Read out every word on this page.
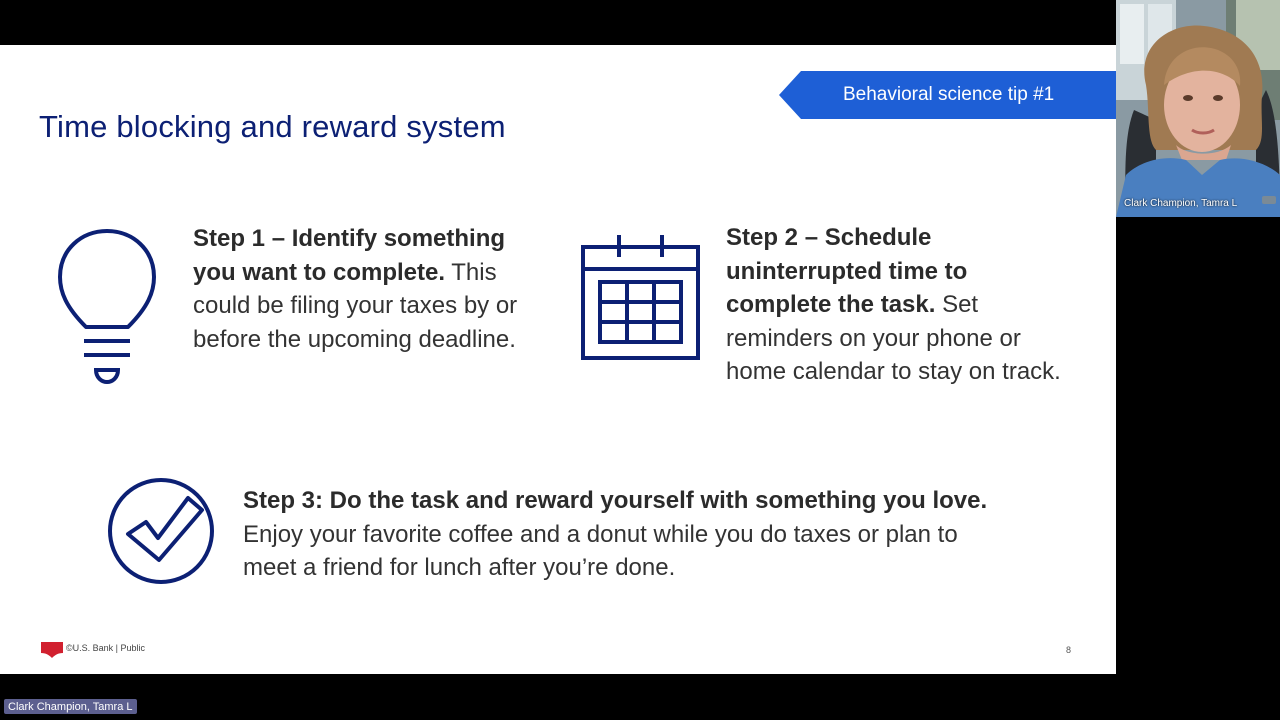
Behavioral science tip #1
Time blocking and reward system
Step 1 – Identify something you want to complete. This could be filing your taxes by or before the upcoming deadline.
Step 2 – Schedule uninterrupted time to complete the task. Set reminders on your phone or home calendar to stay on track.
Step 3: Do the task and reward yourself with something you love. Enjoy your favorite coffee and a donut while you do taxes or plan to meet a friend for lunch after you’re done.
©U.S. Bank | Public	8
Clark Champion, Tamra L
Clark Champion, Tamra L
